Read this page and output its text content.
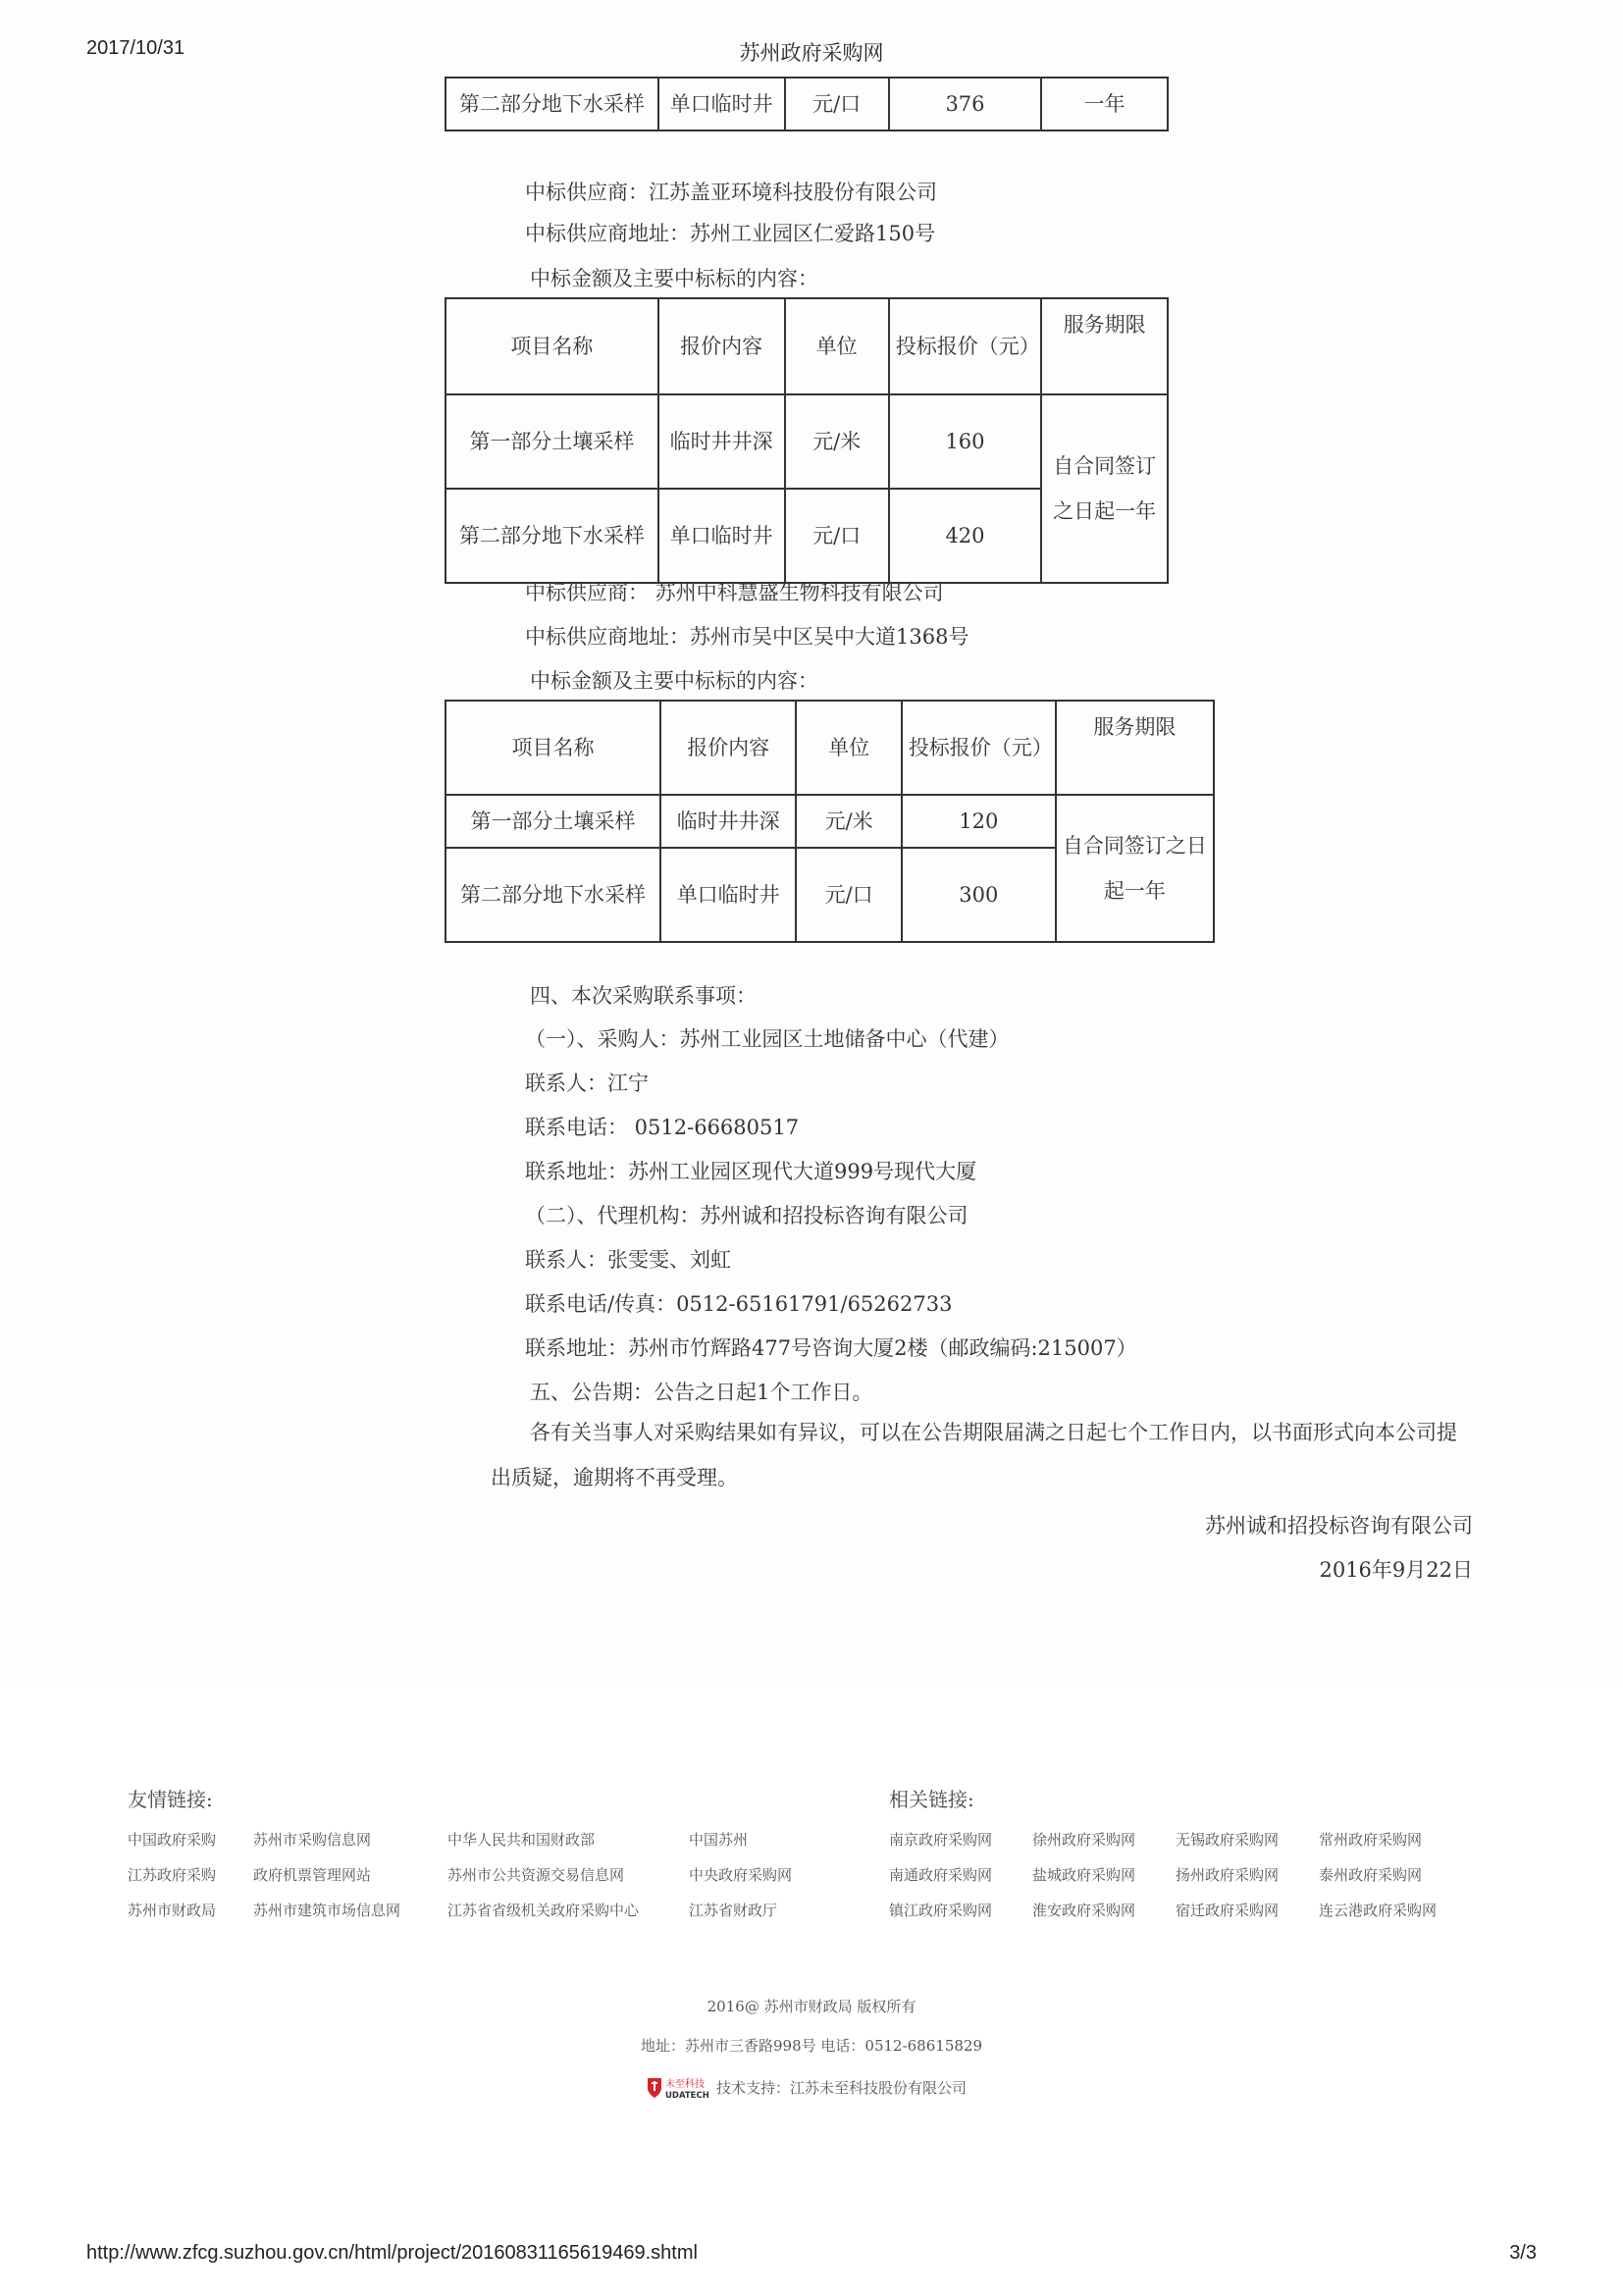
2017/10/31	苏州政府采购网
第二部分地下水采样	单口临时井	元/口	376	一年
中标供应商：江苏盖亚环境科技股份有限公司
中标供应商地址：苏州工业园区仁爱路150号
中标金额及主要中标标的内容：
项目名称	报价内容	单位	投标报价（元）	服务期限
第一部分土壤采样	临时井井深	元/米	160	自合同签订之日起一年
第二部分地下水采样	单口临时井	元/口	420	
中标供应商： 苏州中科慧盛生物科技有限公司
中标供应商地址：苏州市吴中区吴中大道1368号
中标金额及主要中标标的内容：
项目名称	报价内容	单位	投标报价（元）	服务期限
第一部分土壤采样	临时井井深	元/米	120	自合同签订之日起一年
第二部分地下水采样	单口临时井	元/口	300	
四、本次采购联系事项：
（一）、采购人：苏州工业园区土地储备中心（代建）
联系人：江宁
联系电话： 0512-66680517
联系地址：苏州工业园区现代大道999号现代大厦
（二）、代理机构：苏州诚和招投标咨询有限公司
联系人：张雯雯、刘虹
联系电话/传真：0512-65161791/65262733
联系地址：苏州市竹辉路477号咨询大厦2楼（邮政编码:215007）
五、公告期：公告之日起1个工作日。
各有关当事人对采购结果如有异议，可以在公告期限届满之日起七个工作日内，以书面形式向本公司提出质疑，逾期将不再受理。
苏州诚和招投标咨询有限公司
2016年9月22日
友情链接:	相关链接:
中国政府采购	苏州市采购信息网	中华人民共和国财政部	中国苏州
江苏政府采购	政府机票管理网站	苏州市公共资源交易信息网	中央政府采购网
苏州市财政局	苏州市建筑市场信息网	江苏省省级机关政府采购中心	江苏省财政厅
南京政府采购网	徐州政府采购网	无锡政府采购网	常州政府采购网
南通政府采购网	盐城政府采购网	扬州政府采购网	泰州政府采购网
镇江政府采购网	淮安政府采购网	宿迁政府采购网	连云港政府采购网
2016@ 苏州市财政局 版权所有
地址：苏州市三香路998号 电话：0512-68615829
未至科技
UDATECH 技术支持：江苏未至科技股份有限公司
http://www.zfcg.suzhou.gov.cn/html/project/20160831165619469.shtml	3/3
